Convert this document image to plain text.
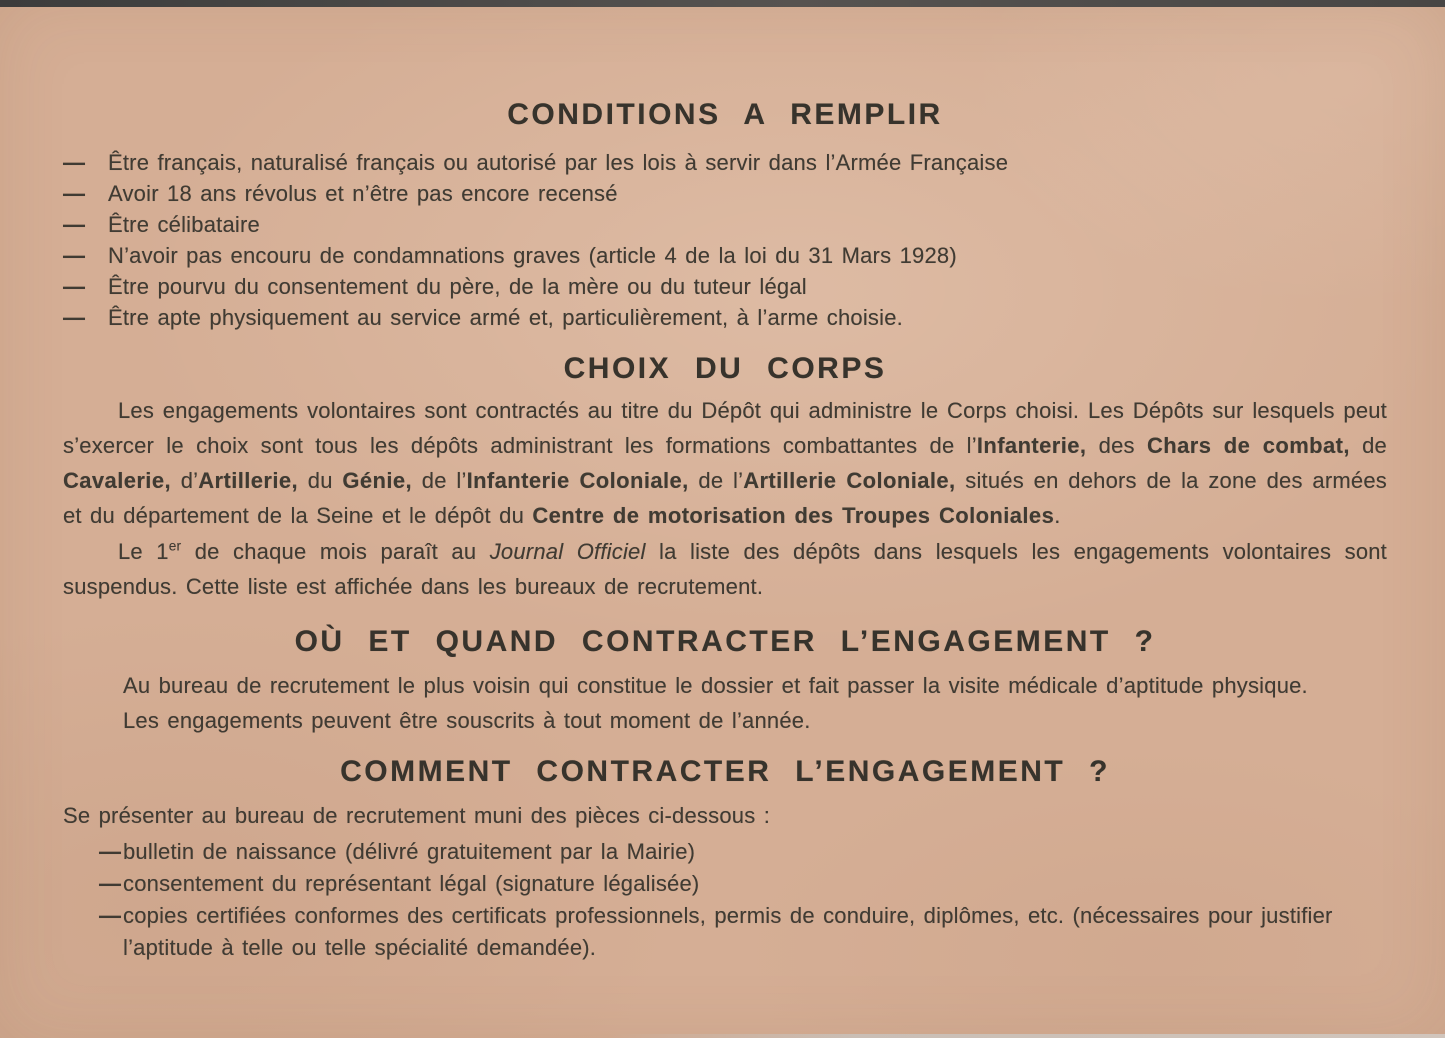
CONDITIONS A REMPLIR
—	Être français, naturalisé français ou autorisé par les lois à servir dans l’Armée Française
—	Avoir 18 ans révolus et n’être pas encore recensé
—	Être célibataire
—	N’avoir pas encouru de condamnations graves (article 4 de la loi du 31 Mars 1928)
—	Être pourvu du consentement du père, de la mère ou du tuteur légal
—	Être apte physiquement au service armé et, particulièrement, à l’arme choisie.
CHOIX DU CORPS

Les engagements volontaires sont contractés au titre du Dépôt qui administre le Corps choisi. Les Dépôts sur lesquels peut s’exercer le choix sont tous les dépôts administrant les formations combattantes de l’Infanterie, des Chars de combat, de Cavalerie, d’Artillerie, du Génie, de l’Infanterie Coloniale, de l’Artillerie Coloniale, situés en dehors de la zone des armées et du département de la Seine et le dépôt du Centre de motorisation des Troupes Coloniales.

Le 1er de chaque mois paraît au Journal Officiel la liste des dépôts dans lesquels les engagements volontaires sont suspendus. Cette liste est affichée dans les bureaux de recrutement.

OÙ ET QUAND CONTRACTER L’ENGAGEMENT ?
Au bureau de recrutement le plus voisin qui constitue le dossier et fait passer la visite médicale d’aptitude physique.
Les engagements peuvent être souscrits à tout moment de l’année.
COMMENT CONTRACTER L’ENGAGEMENT ?

Se présenter au bureau de recrutement muni des pièces ci-dessous :

— bulletin de naissance (délivré gratuitement par la Mairie)
— consentement du représentant légal (signature légalisée)
— copies certifiées conformes des certificats professionnels, permis de conduire, diplômes, etc. (nécessaires pour justifier l’aptitude à telle ou telle spécialité demandée).
